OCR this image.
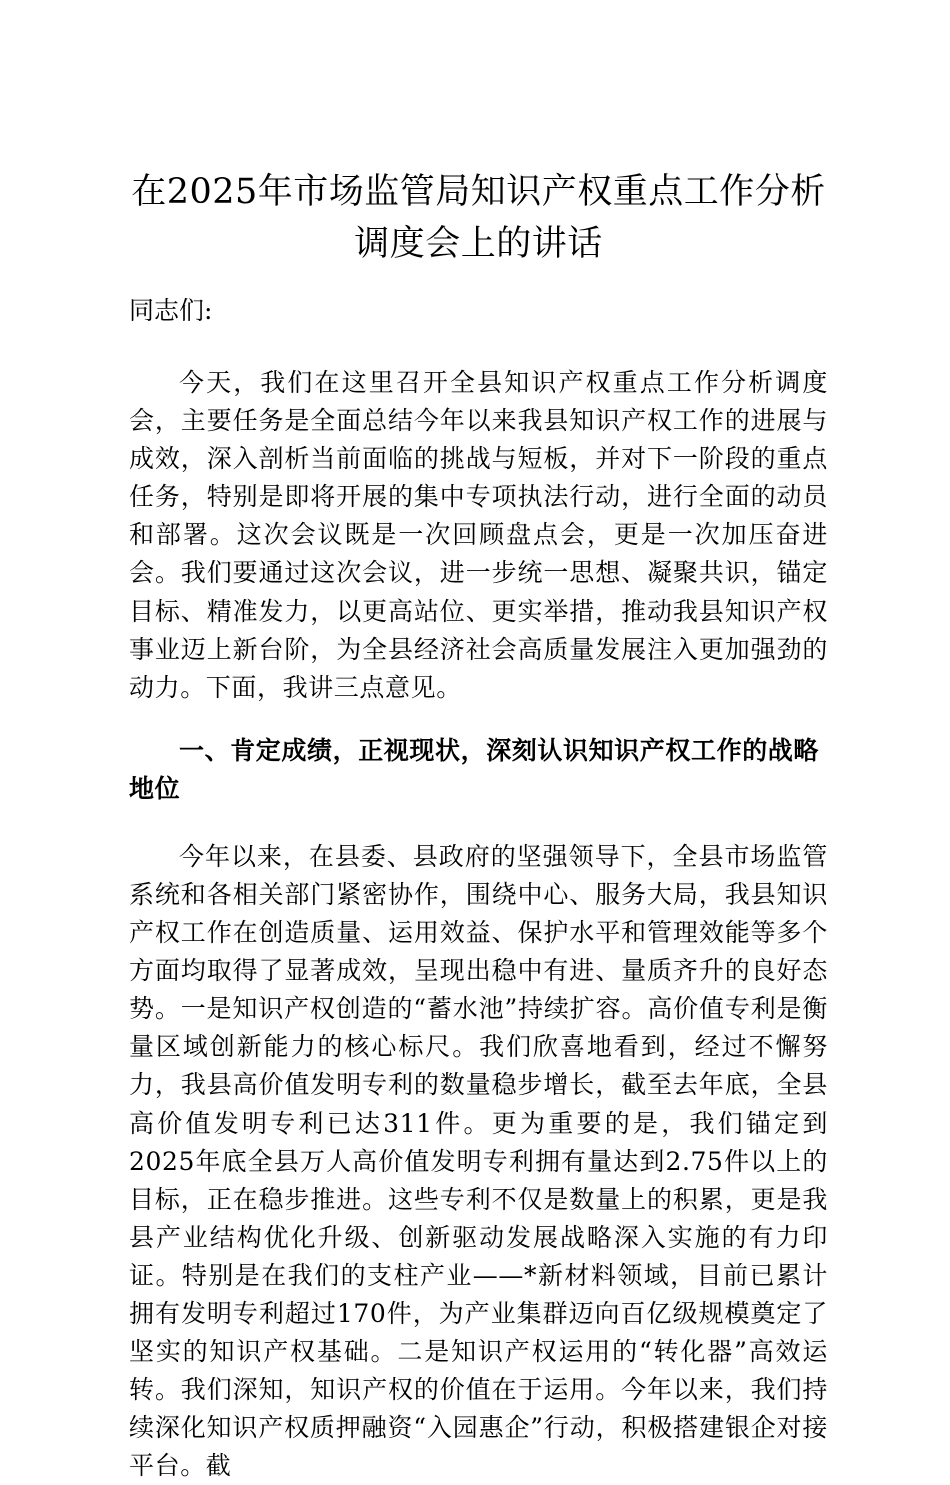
在2025年市场监管局知识产权重点工作分析
调度会上的讲话

同志们:

今天，我们在这里召开全县知识产权重点工作分析调度会，主要任务是全面总结今年以来我县知识产权工作的进展与成效，深入剖析当前面临的挑战与短板，并对下一阶段的重点任务，特别是即将开展的集中专项执法行动，进行全面的动员和部署。这次会议既是一次回顾盘点会，更是一次加压奋进会。我们要通过这次会议，进一步统一思想、凝聚共识，锚定目标、精准发力，以更高站位、更实举措，推动我县知识产权事业迈上新台阶，为全县经济社会高质量发展注入更加强劲的动力。下面，我讲三点意见。

一、肯定成绩，正视现状，深刻认识知识产权工作的战略地位

今年以来，在县委、县政府的坚强领导下，全县市场监管系统和各相关部门紧密协作，围绕中心、服务大局，我县知识产权工作在创造质量、运用效益、保护水平和管理效能等多个方面均取得了显著成效，呈现出稳中有进、量质齐升的良好态势。一是知识产权创造的“蓄水池”持续扩容。高价值专利是衡量区域创新能力的核心标尺。我们欣喜地看到，经过不懈努力，我县高价值发明专利的数量稳步增长，截至去年底，全县高价值发明专利已达311件。更为重要的是，我们锚定到2025年底全县万人高价值发明专利拥有量达到2.75件以上的目标，正在稳步推进。这些专利不仅是数量上的积累，更是我县产业结构优化升级、创新驱动发展战略深入实施的有力印证。特别是在我们的支柱产业——*新材料领域，目前已累计拥有发明专利超过170件，为产业集群迈向百亿级规模奠定了坚实的知识产权基础。二是知识产权运用的“转化器”高效运转。我们深知，知识产权的价值在于运用。今年以来，我们持续深化知识产权质押融资“入园惠企”行动，积极搭建银企对接平台。截
